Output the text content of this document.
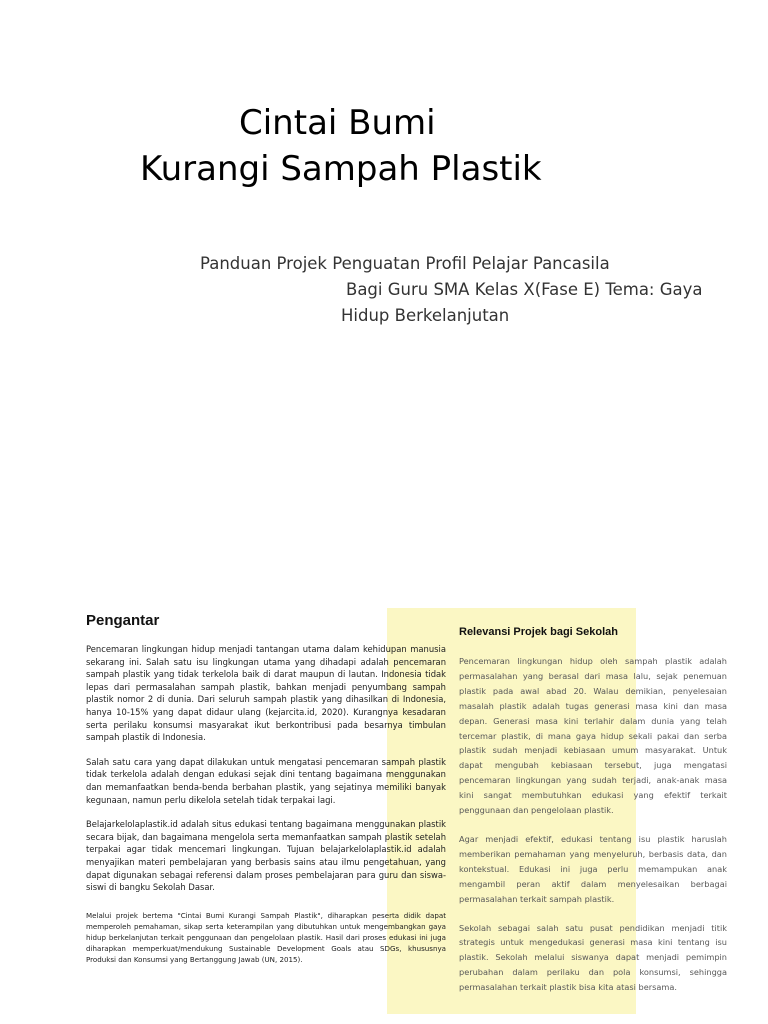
Cintai Bumi
Kurangi Sampah Plastik
Panduan Projek Penguatan Profil Pelajar Pancasila
Bagi Guru SMA Kelas X(Fase E) Tema: Gaya
Hidup Berkelanjutan
Pengantar

Pencemaran lingkungan hidup menjadi tantangan utama dalam kehidupan manusia sekarang ini. Salah satu isu lingkungan utama yang dihadapi adalah pencemaran sampah plastik yang tidak terkelola baik di darat maupun di lautan. Indonesia tidak lepas dari permasalahan sampah plastik, bahkan menjadi penyumbang sampah plastik nomor 2 di dunia. Dari seluruh sampah plastik yang dihasilkan di Indonesia, hanya 10-15% yang dapat didaur ulang (kejarcita.id, 2020). Kurangnya kesadaran serta perilaku konsumsi masyarakat ikut berkontribusi pada besarnya timbulan sampah plastik di Indonesia.

Salah satu cara yang dapat dilakukan untuk mengatasi pencemaran sampah plastik tidak terkelola adalah dengan edukasi sejak dini tentang bagaimana menggunakan dan memanfaatkan benda-benda berbahan plastik, yang sejatinya memiliki banyak kegunaan, namun perlu dikelola setelah tidak terpakai lagi.

Belajarkelolaplastik.id adalah situs edukasi tentang bagaimana menggunakan plastik secara bijak, dan bagaimana mengelola serta memanfaatkan sampah plastik setelah terpakai agar tidak mencemari lingkungan. Tujuan belajarkelolaplastik.id adalah menyajikan materi pembelajaran yang berbasis sains atau ilmu pengetahuan, yang dapat digunakan sebagai referensi dalam proses pembelajaran para guru dan siswa-siswi di bangku Sekolah Dasar.

Melalui projek bertema "Cintai Bumi Kurangi Sampah Plastik", diharapkan peserta didik dapat memperoleh pemahaman, sikap serta keterampilan yang dibutuhkan untuk mengembangkan gaya hidup berkelanjutan terkait penggunaan dan pengelolaan plastik. Hasil dari proses edukasi ini juga diharapkan memperkuat/mendukung Sustainable Development Goals atau SDGs, khususnya Produksi dan Konsumsi yang Bertanggung Jawab (UN, 2015).

Relevansi Projek bagi Sekolah

Pencemaran lingkungan hidup oleh sampah plastik adalah permasalahan yang berasal dari masa lalu, sejak penemuan plastik pada awal abad 20. Walau demikian, penyelesaian masalah plastik adalah tugas generasi masa kini dan masa depan. Generasi masa kini terlahir dalam dunia yang telah tercemar plastik, di mana gaya hidup sekali pakai dan serba plastik sudah menjadi kebiasaan umum masyarakat. Untuk dapat mengubah kebiasaan tersebut, juga mengatasi pencemaran lingkungan yang sudah terjadi, anak-anak masa kini sangat membutuhkan edukasi yang efektif terkait penggunaan dan pengelolaan plastik.

Agar menjadi efektif, edukasi tentang isu plastik haruslah memberikan pemahaman yang menyeluruh, berbasis data, dan kontekstual. Edukasi ini juga perlu memampukan anak mengambil peran aktif dalam menyelesaikan berbagai permasalahan terkait sampah plastik.

Sekolah sebagai salah satu pusat pendidikan menjadi titik strategis untuk mengedukasi generasi masa kini tentang isu plastik. Sekolah melalui siswanya dapat menjadi pemimpin perubahan dalam perilaku dan pola konsumsi, sehingga permasalahan terkait plastik bisa kita atasi bersama.
